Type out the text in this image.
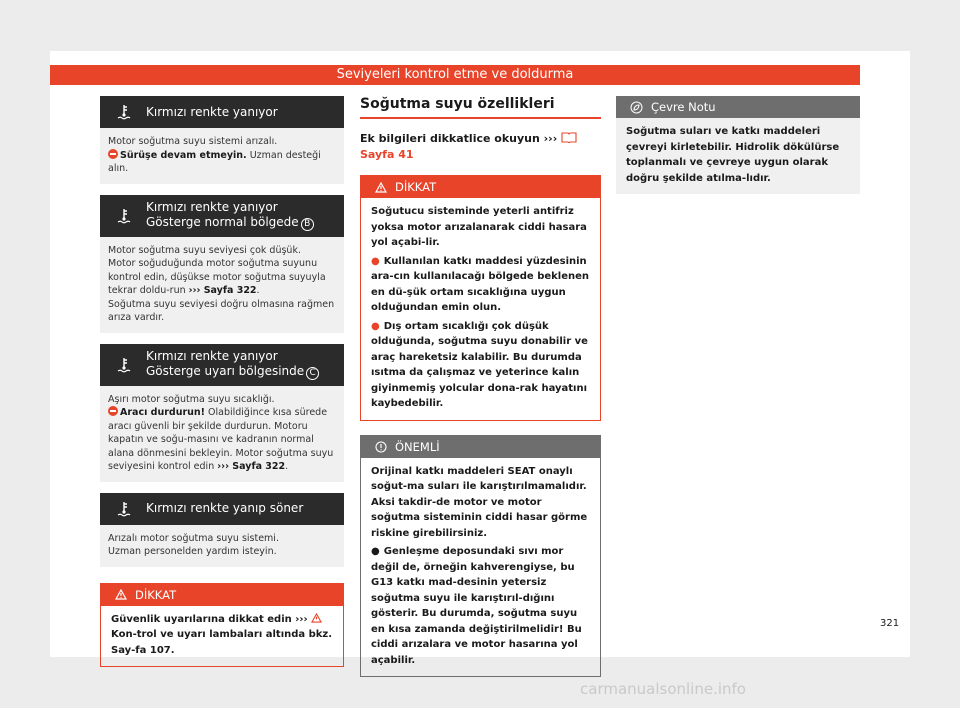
Seviyeleri kontrol etme ve doldurma
Kırmızı renkte yanıyor
Motor soğutma suyu sistemi arızalı.
Sürüşe devam etmeyin. Uzman desteği alın.
Kırmızı renkte yanıyor
Gösterge normal bölgede B
Motor soğutma suyu seviyesi çok düşük.
Motor soğuduğunda motor soğutma suyunu kontrol edin, düşükse motor soğutma suyuyla tekrar doldu-run ››› Sayfa 322.
Soğutma suyu seviyesi doğru olmasına rağmen arıza vardır.
Kırmızı renkte yanıyor
Gösterge uyarı bölgesinde C
Aşırı motor soğutma suyu sıcaklığı.
Aracı durdurun! Olabildiğince kısa sürede aracı güvenli bir şekilde durdurun. Motoru kapatın ve soğu-masını ve kadranın normal alana dönmesini bekleyin. Motor soğutma suyu seviyesini kontrol edin ››› Sayfa 322.
Kırmızı renkte yanıp söner
Arızalı motor soğutma suyu sistemi.
Uzman personelden yardım isteyin.
DİKKAT
Güvenlik uyarılarına dikkat edin ›››  Kon-trol ve uyarı lambaları altında bkz. Say-fa 107.
Soğutma suyu özellikleri
Ek bilgileri dikkatlice okuyun ›››  Sayfa 41
DİKKAT

Soğutucu sisteminde yeterli antifriz yoksa motor arızalanarak ciddi hasara yol açabi-lir.

● Kullanılan katkı maddesi yüzdesinin ara-cın kullanılacağı bölgede beklenen en dü-şük ortam sıcaklığına uygun olduğundan emin olun.

● Dış ortam sıcaklığı çok düşük olduğunda, soğutma suyu donabilir ve araç hareketsiz kalabilir. Bu durumda ısıtma da çalışmaz ve yeterince kalın giyinmemiş yolcular dona-rak hayatını kaybedebilir.

ÖNEMLİ

Orijinal katkı maddeleri SEAT onaylı soğut-ma suları ile karıştırılmamalıdır. Aksi takdir-de motor ve motor soğutma sisteminin ciddi hasar görme riskine girebilirsiniz.

● Genleşme deposundaki sıvı mor değil de, örneğin kahverengiyse, bu G13 katkı mad-desinin yetersiz soğutma suyu ile karıştırıl-dığını gösterir. Bu durumda, soğutma suyu en kısa zamanda değiştirilmelidir! Bu ciddi arızalara ve motor hasarına yol açabilir.

Çevre Notu
Soğutma suları ve katkı maddeleri çevreyi kirletebilir. Hidrolik dökülürse toplanmalı ve çevreye uygun olarak doğru şekilde atılma-lıdır.
321
carmanualsonline.info
